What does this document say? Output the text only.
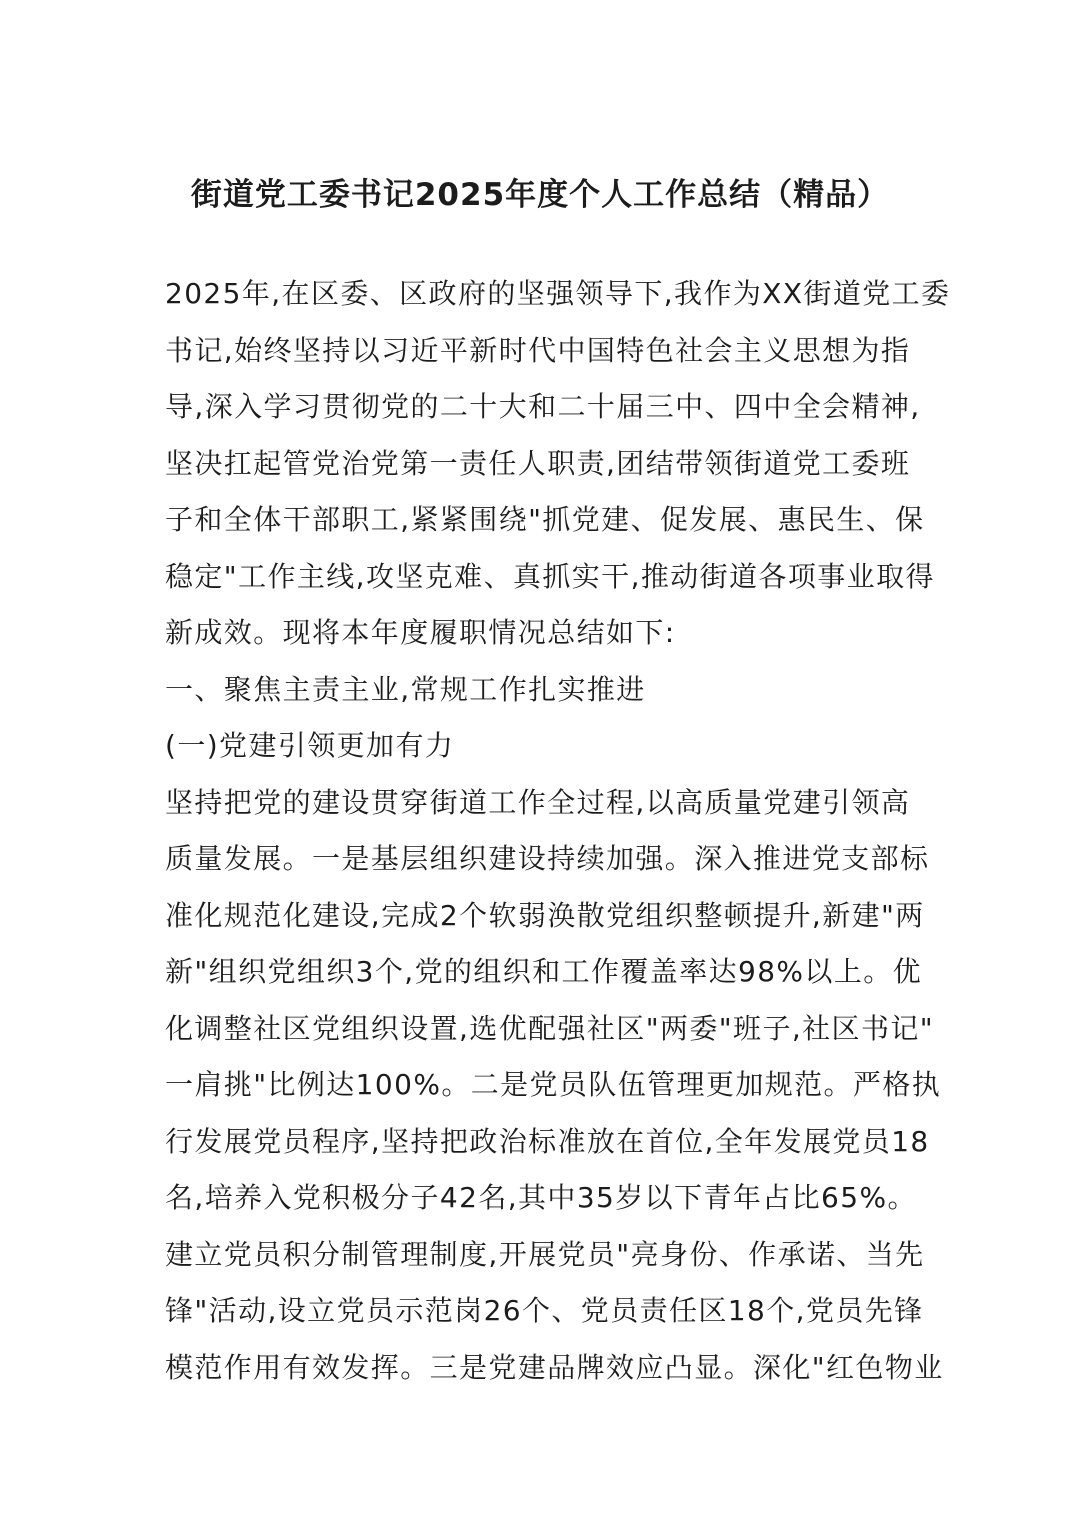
街道党工委书记2025年度个人工作总结（精品）
2025年,在区委、区政府的坚强领导下,我作为XX街道党工委
书记,始终坚持以习近平新时代中国特色社会主义思想为指
导,深入学习贯彻党的二十大和二十届三中、四中全会精神,
坚决扛起管党治党第一责任人职责,团结带领街道党工委班
子和全体干部职工,紧紧围绕"抓党建、促发展、惠民生、保
稳定"工作主线,攻坚克难、真抓实干,推动街道各项事业取得
新成效。现将本年度履职情况总结如下:
一、聚焦主责主业,常规工作扎实推进
(一)党建引领更加有力
坚持把党的建设贯穿街道工作全过程,以高质量党建引领高
质量发展。一是基层组织建设持续加强。深入推进党支部标
准化规范化建设,完成2个软弱涣散党组织整顿提升,新建"两
新"组织党组织3个,党的组织和工作覆盖率达98%以上。优
化调整社区党组织设置,选优配强社区"两委"班子,社区书记"
一肩挑"比例达100%。二是党员队伍管理更加规范。严格执
行发展党员程序,坚持把政治标准放在首位,全年发展党员18
名,培养入党积极分子42名,其中35岁以下青年占比65%。
建立党员积分制管理制度,开展党员"亮身份、作承诺、当先
锋"活动,设立党员示范岗26个、党员责任区18个,党员先锋
模范作用有效发挥。三是党建品牌效应凸显。深化"红色物业
